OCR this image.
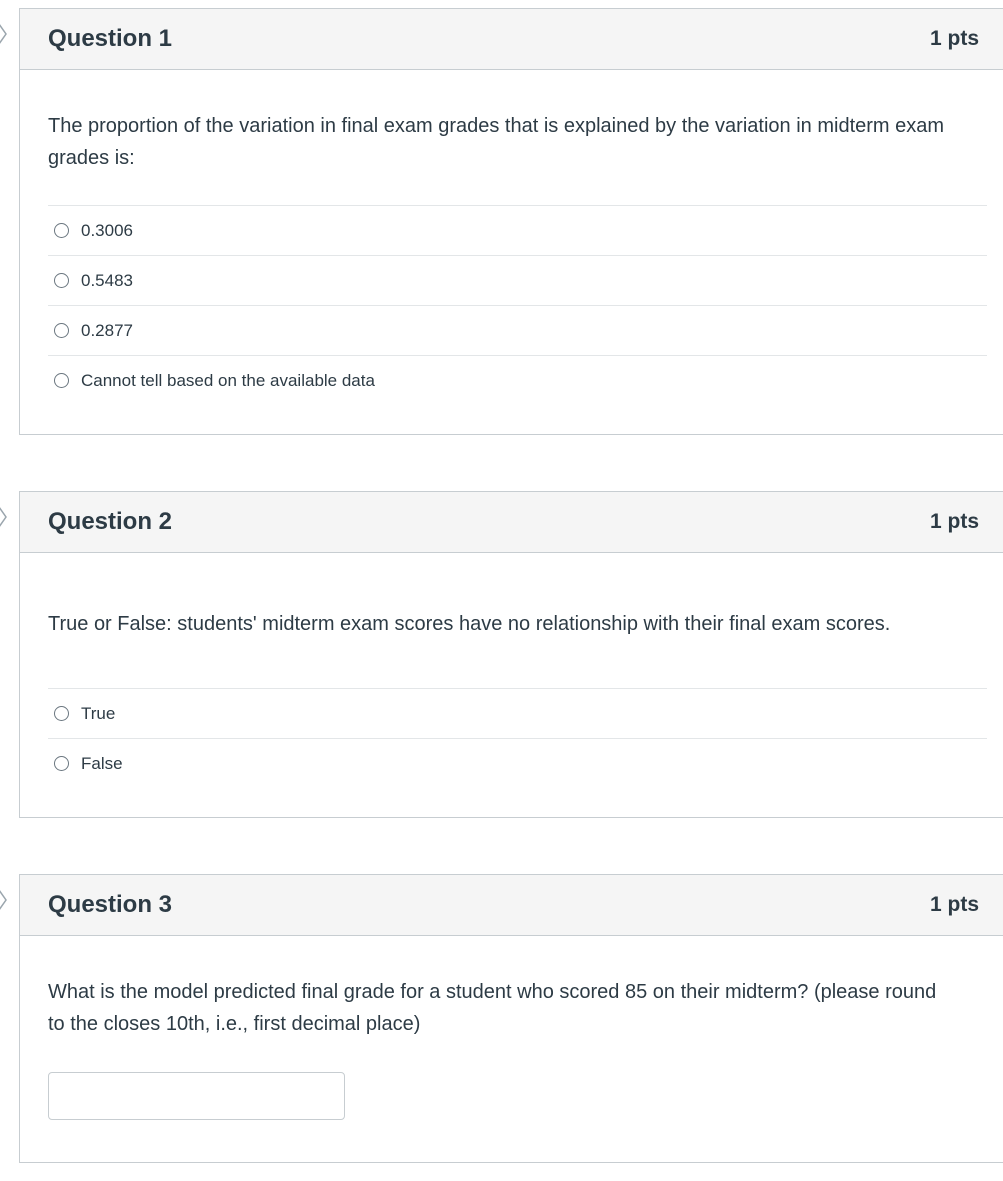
Question 1	1 pts
The proportion of the variation in final exam grades that is explained by the variation in midterm exam grades is:
0.3006
0.5483
0.2877
Cannot tell based on the available data
Question 2	1 pts
True or False: students' midterm exam scores have no relationship with their final exam scores.
True
False
Question 3	1 pts
What is the model predicted final grade for a student who scored 85 on their midterm? (please round to the closes 10th, i.e., first decimal place)
